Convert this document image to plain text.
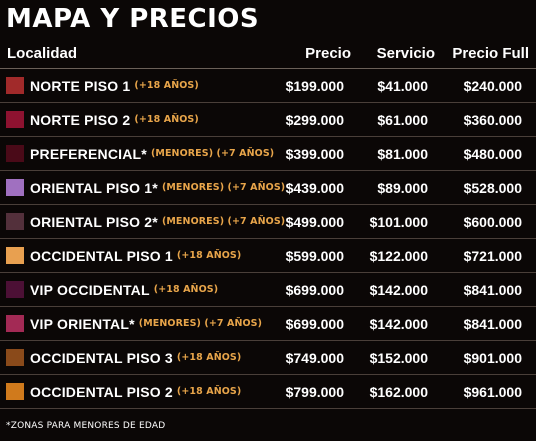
MAPA Y PRECIOS
Localidad	Precio	Servicio	Precio Full
NORTE PISO 1 (+18 AÑOS)	$199.000	$41.000	$240.000
NORTE PISO 2 (+18 AÑOS)	$299.000	$61.000	$360.000
PREFERENCIAL* (MENORES) (+7 AÑOS) $399.000	$81.000	$480.000
ORIENTAL PISO 1* (MENORES) (+7 AÑOS) $439.000	$89.000	$528.000
ORIENTAL PISO 2* (MENORES) (+7 AÑOS) $499.000	$101.000	$600.000
OCCIDENTAL PISO 1 (+18 AÑOS)	$599.000	$122.000	$721.000
VIP OCCIDENTAL (+18 AÑOS)	$699.000	$142.000	$841.000
VIP ORIENTAL* (MENORES) (+7 AÑOS)	$699.000	$142.000	$841.000
OCCIDENTAL PISO 3 (+18 AÑOS)	$749.000	$152.000	$901.000
OCCIDENTAL PISO 2 (+18 AÑOS)	$799.000	$162.000	$961.000
*ZONAS PARA MENORES DE EDAD
